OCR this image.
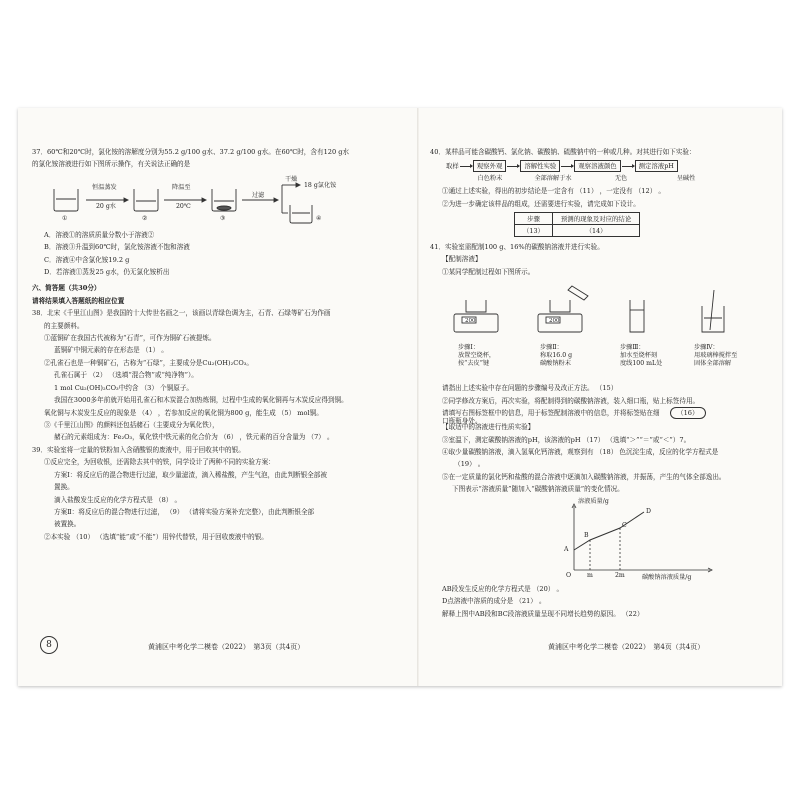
37．60℃和20℃时，氯化铵的溶解度分别为55.2 g/100 g水、37.2 g/100 g水。在60℃时，含有120 g水

的氯化铵溶液进行如下图所示操作，有关说法正确的是

恒温蒸发
20 g水
降温至
20℃
过滤
干燥
18 g氯化铵
①	②	③	④

A．溶液①的溶质质量分数小于溶液②

B．溶液③升温到60℃时，氯化铵溶液不饱和溶液

C．溶液④中含氯化铵19.2 g

D．若溶液①蒸发25 g水，仍无氯化铵析出

六、简答题（共30分）

请将结果填入答题纸的相应位置

38．北宋《千里江山图》是我国的十大传世名画之一，该画以青绿色调为主，石青、石绿等矿石为作画

的主要颜料。

①蓝铜矿在我国古代被称为“石青”，可作为铜矿石被提炼。

蓝铜矿中铜元素的存在形态是 （1） 。

②孔雀石也是一种铜矿石，古称为“石绿”，主要成分是Cu₂(OH)₂CO₃。

孔雀石属于 （2） （选填“混合物”或“纯净物”）。

1 mol Cu₂(OH)₂CO₃中约含 （3） 个铜原子。

我国在3000多年前就开始用孔雀石和木炭混合加热炼铜，过程中生成的氧化铜再与木炭反应得到铜。

氧化铜与木炭发生反应的现象是 （4） ，若参加反应的氧化铜为800 g，能生成 （5） mol铜。

③《千里江山图》的颜料还包括赭石（主要成分为氧化铁），

赭石的元素组成为：Fe₂O₃，氧化铁中铁元素的化合价为 （6） ，铁元素的百分含量为 （7） 。

39．实验室将一定量的铁粉加入含硝酸银的废液中，用于回收其中的银。

①反应完全，为回收银，还需除去其中的铁，同学设计了两种不同的实验方案：

方案Ⅰ：将反应后的混合物进行过滤，取少量滤渣，滴入稀盐酸，产生气泡，由此判断银全部被

置换。

滴入盐酸发生反应的化学方程式是 （8） 。

方案Ⅱ：将反应后的混合物进行过滤， （9） （请将实验方案补充完整），由此判断银全部

被置换。

②本实验 （10） （选填“能”或“不能”）用锌代替铁，用于回收废液中的银。

8	黄浦区中考化学二模卷（2022）　第3页（共4页）

40．某样品可能含碳酸钙、氯化钠、碳酸钠、硫酸钠中的一种或几种。对其进行如下实验：

取样	观察外观	溶解性实验	观察溶液颜色	测定溶液pH
白色粉末	全部溶解于水	无色	呈碱性

①通过上述实验，得出的初步结论是一定含有 （11） ，一定没有 （12） 。

②为进一步确定该样品的组成，还需要进行实验，请完成如下设计。

步骤	预测的现象及对应的结论
（13）	（14）

41．实验室需配制100 g、16%的碳酸钠溶液并进行实验。

【配制溶液】

①某同学配制过程如下图所示。

200	200
步骤Ⅰ：
放置空烧杯，
按“去皮”键
步骤Ⅱ：
称取16.0 g
碳酸钠粉末
步骤Ⅲ：
加水至烧杯刻
度线100 mL处
步骤Ⅳ：
用玻璃棒搅拌至
固体全部溶解

请指出上述实验中存在问题的步骤编号及改正方法。 （15）

②同学修改方案后，再次实验，将配制得到的碳酸钠溶液，装入细口瓶，贴上标签待用。

请填写右图标签框中的信息，用于标签配制溶液中的信息，并将标签贴在细口瓶瓶身处。

（16）

【取适中的溶液进行性质实验】

③室温下，测定碳酸钠溶液的pH，该溶液的pH （17） （选填“＞”“＝”或“＜”）7。

④取少量碳酸钠溶液，滴入氢氧化钙溶液，观察到有 （18） 色沉淀生成，反应的化学方程式是

（19） 。

⑤在一定质量的氯化钙和盐酸的混合溶液中逐滴加入碳酸钠溶液，并振荡，产生的气体全部逸出。

下图表示“溶液质量”随加入“碳酸钠溶液质量”的变化情况。

溶液质量/g
O
A
B
C
D
m	2m	碳酸钠溶液质量/g

AB段发生反应的化学方程式是 （20） 。

D点溶液中溶质的成分是 （21） 。

解释上图中AB段和BC段溶液质量呈现不同增长趋势的原因。 （22）

黄浦区中考化学二模卷（2022）　第4页（共4页）
